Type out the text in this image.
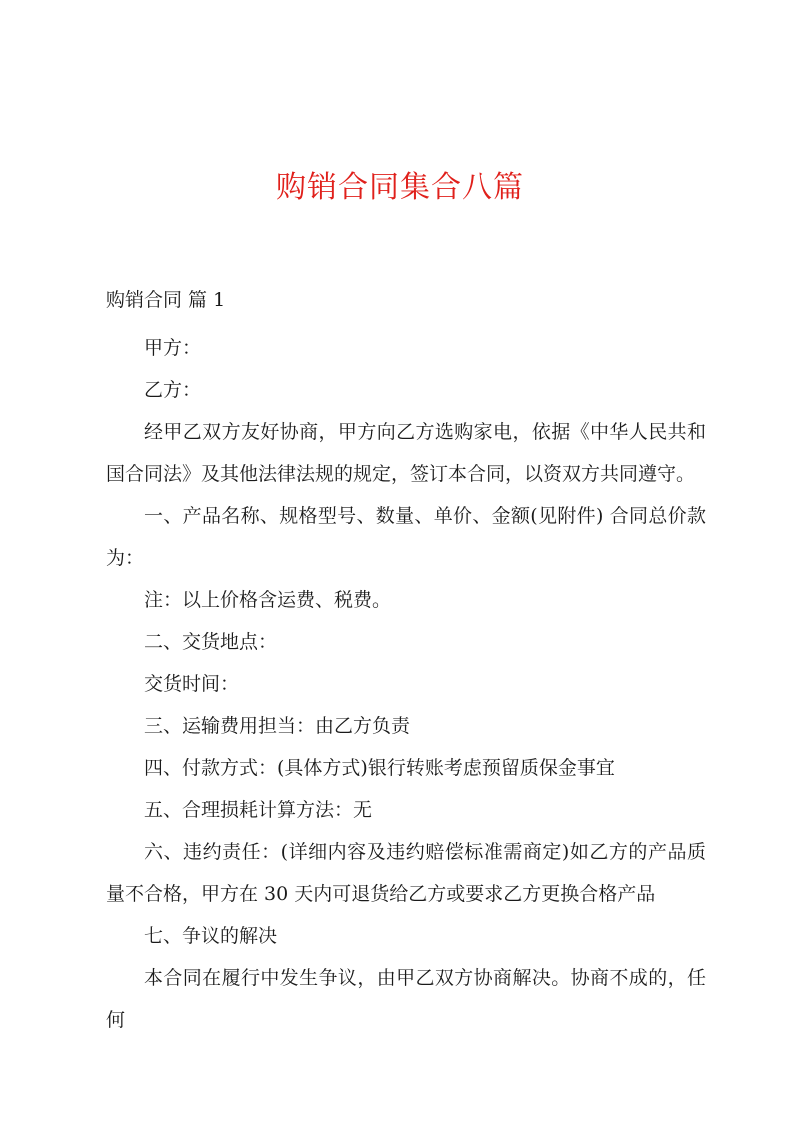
购销合同集合八篇

购销合同 篇 1

甲方：

乙方：

经甲乙双方友好协商，甲方向乙方选购家电，依据《中华人民共和国合同法》及其他法律法规的规定，签订本合同，以资双方共同遵守。

一、产品名称、规格型号、数量、单价、金额(见附件) 合同总价款为：

注：以上价格含运费、税费。

二、交货地点：

交货时间：

三、运输费用担当：由乙方负责

四、付款方式：(具体方式)银行转账考虑预留质保金事宜

五、合理损耗计算方法：无

六、违约责任：(详细内容及违约赔偿标准需商定)如乙方的产品质量不合格，甲方在 30 天内可退货给乙方或要求乙方更换合格产品

七、争议的解决

本合同在履行中发生争议，由甲乙双方协商解决。协商不成的，任何
